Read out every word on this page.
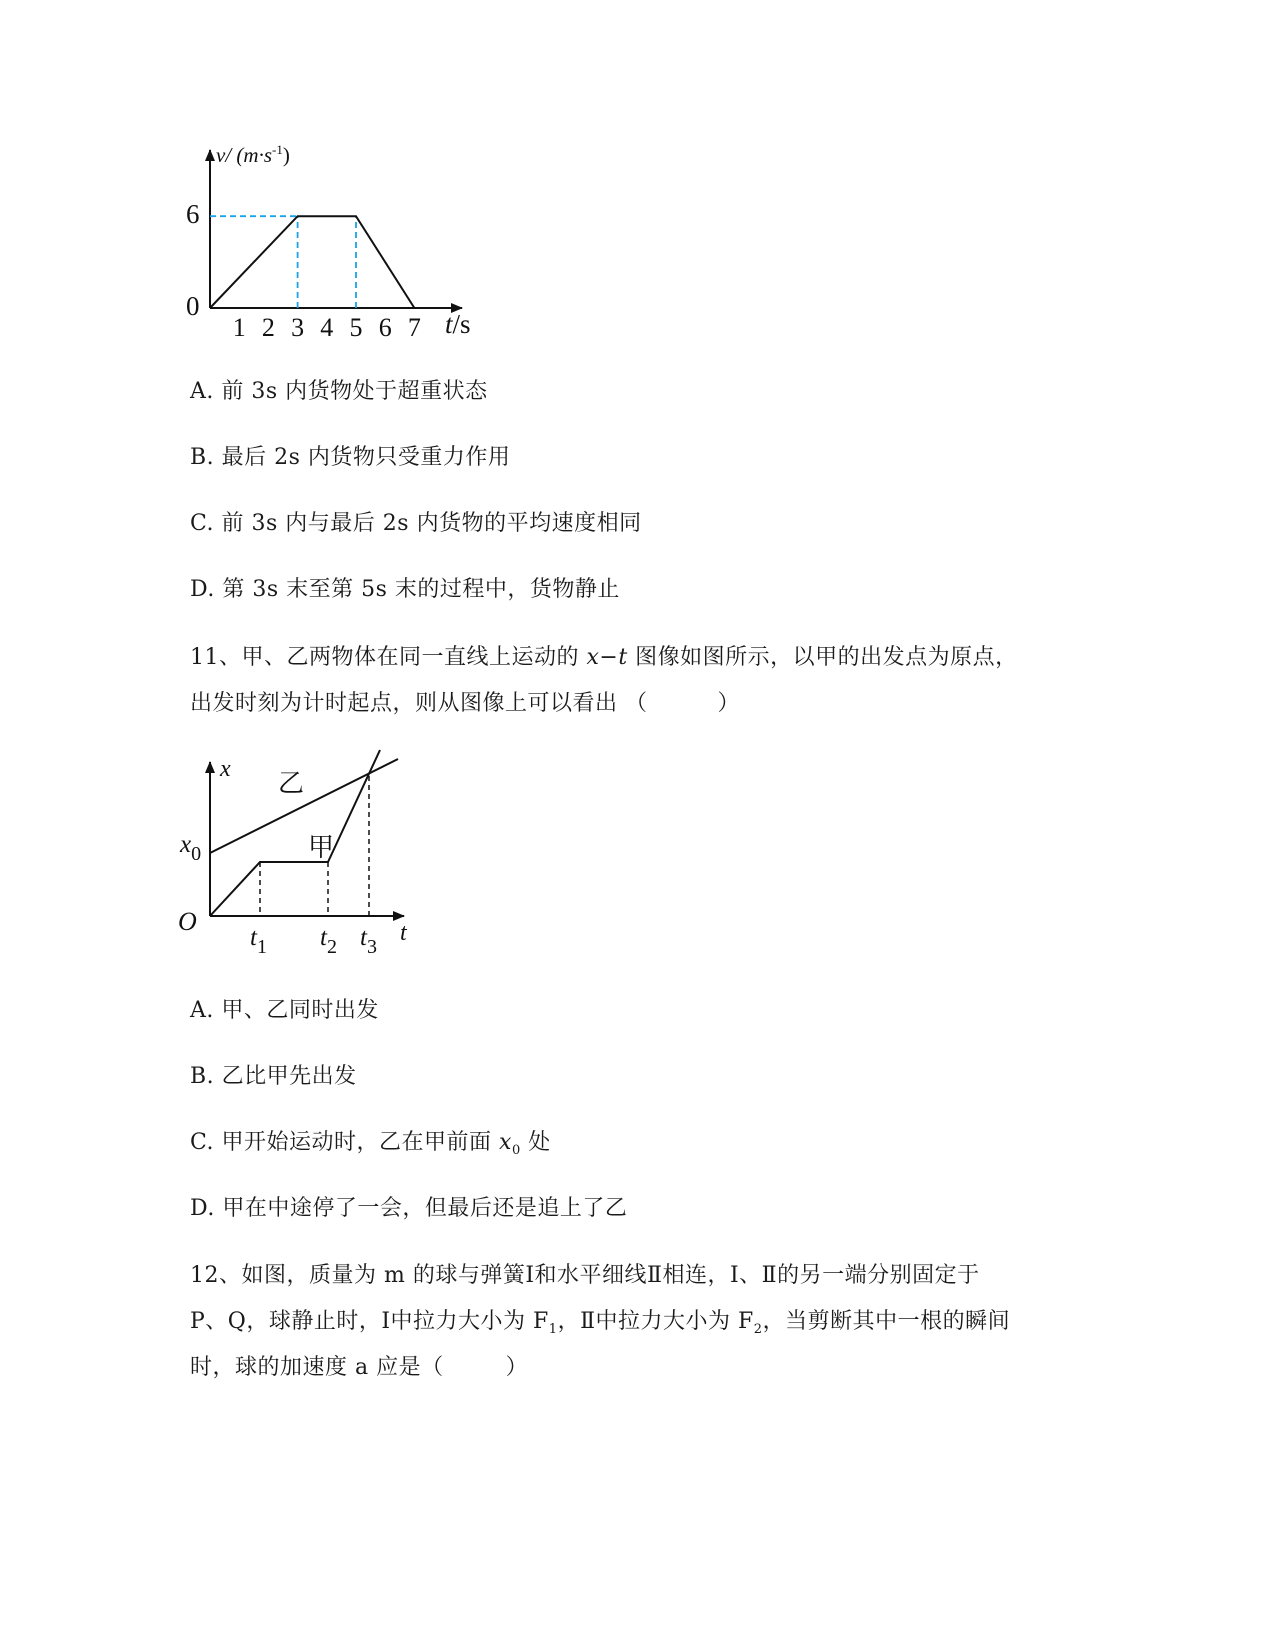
1 2 3 4 5 6 7
v/ $(m\cdot s^{-1})$
6
0
t/s
A. 前 3s 内货物处于超重状态
B. 最后 2s 内货物只受重力作用
C. 前 3s 内与最后 2s 内货物的平均速度相同
D. 第 3s 末至第 5s 末的过程中，货物静止
11、甲、乙两物体在同一直线上运动的 x−t 图像如图所示，以甲的出发点为原点，
出发时刻为计时起点，则从图像上可以看出 （	）
x
t
O
$x_0$
$t_1$ $t_2$ $t_3$
乙
甲
A. 甲、乙同时出发
B. 乙比甲先出发
C. 甲开始运动时，乙在甲前面 $x_0$ 处
D. 甲在中途停了一会，但最后还是追上了乙
12、如图，质量为 m 的球与弹簧Ⅰ和水平细线Ⅱ相连，Ⅰ、Ⅱ的另一端分别固定于
P、Q，球静止时，Ⅰ中拉力大小为 $F_1$，Ⅱ中拉力大小为 $F_2$，当剪断其中一根的瞬间
时，球的加速度 a 应是（	）
